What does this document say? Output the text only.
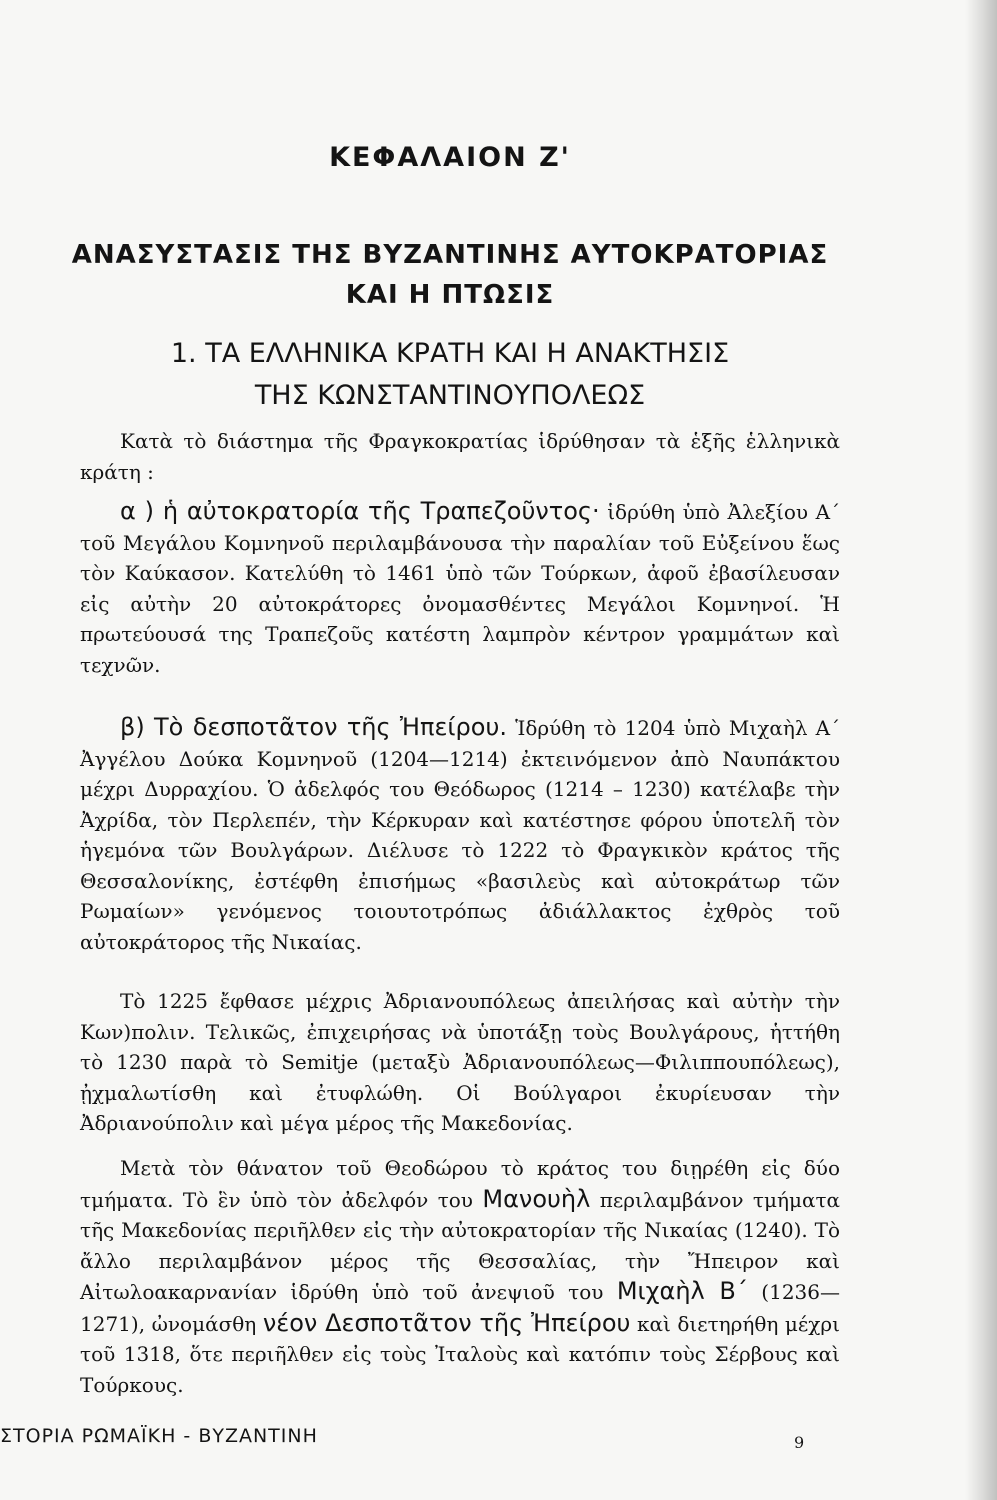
ΚΕΦΑΛΑΙΟΝ Ζ'
ΑΝΑΣΥΣΤΑΣΙΣ ΤΗΣ ΒΥΖΑΝΤΙΝΗΣ ΑΥΤΟΚΡΑΤΟΡΙΑΣ
ΚΑΙ Η ΠΤΩΣΙΣ
1. ΤΑ ΕΛΛΗΝΙΚΑ ΚΡΑΤΗ ΚΑΙ Η ΑΝΑΚΤΗΣΙΣ
ΤΗΣ ΚΩΝΣΤΑΝΤΙΝΟΥΠΟΛΕΩΣ

Κατὰ τὸ διάστημα τῆς Φραγκοκρατίας ἱδρύθησαν τὰ ἑξῆς ἑλληνικὰ κράτη :

α ) ἡ αὐτοκρατορία τῆς Τραπεζοῦντος· ἱδρύθη ὑπὸ Ἀλεξίου Α΄ τοῦ Μεγάλου Κομνηνοῦ περιλαμβάνουσα τὴν παραλίαν τοῦ Εὐξείνου ἕως τὸν Καύκασον. Κατελύθη τὸ 1461 ὑπὸ τῶν Τούρκων, ἀφοῦ ἐβασίλευσαν εἰς αὐτὴν 20 αὐτοκράτορες ὀνομασθέντες Μεγάλοι Κομνηνοί. Ἡ πρωτεύουσά της Τραπεζοῦς κατέστη λαμπρὸν κέντρον γραμμάτων καὶ τεχνῶν.

β) Τὸ δεσποτᾶτον τῆς Ἠπείρου. Ἱδρύθη τὸ 1204 ὑπὸ Μιχαὴλ Α΄ Ἀγγέλου Δούκα Κομνηνοῦ (1204—1214) ἐκτεινόμενον ἀπὸ Ναυπάκτου μέχρι Δυρραχίου. Ὁ ἀδελφός του Θεόδωρος (1214 – 1230) κατέλαβε τὴν Ἀχρίδα, τὸν Περλεπέν, τὴν Κέρκυραν καὶ κατέστησε φόρου ὑποτελῆ τὸν ἡγεμόνα τῶν Βουλγάρων. Διέλυσε τὸ 1222 τὸ Φραγκικὸν κράτος τῆς Θεσσαλονίκης, ἐστέφθη ἐπισήμως «βασιλεὺς καὶ αὐτοκράτωρ τῶν Ρωμαίων» γενόμενος τοιουτοτρόπως ἀδιάλλακτος ἐχθρὸς τοῦ αὐτοκράτορος τῆς Νικαίας.

Τὸ 1225 ἔφθασε μέχρις Ἀδριανουπόλεως ἀπειλήσας καὶ αὐτὴν τὴν Κων)πολιν. Τελικῶς, ἐπιχειρήσας νὰ ὑποτάξῃ τοὺς Βουλγάρους, ἡττήθη τὸ 1230 παρὰ τὸ Semitje (μεταξὺ Ἀδριανουπόλεως—Φιλιππουπόλεως), ᾐχμαλωτίσθη καὶ ἐτυφλώθη. Οἱ Βούλγαροι ἐκυρίευσαν τὴν Ἀδριανούπολιν καὶ μέγα μέρος τῆς Μακεδονίας.

Μετὰ τὸν θάνατον τοῦ Θεοδώρου τὸ κράτος του διῃρέθη εἰς δύο τμήματα. Τὸ ἓν ὑπὸ τὸν ἀδελφόν του Μανουὴλ περιλαμβάνον τμήματα τῆς Μακεδονίας περιῆλθεν εἰς τὴν αὐτοκρατορίαν τῆς Νικαίας (1240). Τὸ ἄλλο περιλαμβάνον μέρος τῆς Θεσσαλίας, τὴν Ἤπειρον καὶ Αἰτωλοακαρνανίαν ἱδρύθη ὑπὸ τοῦ ἀνεψιοῦ του Μιχαὴλ Β΄ (1236—1271), ὠνομάσθη νέον Δεσποτᾶτον τῆς Ἠπείρου καὶ διετηρήθη μέχρι τοῦ 1318, ὅτε περιῆλθεν εἰς τοὺς Ἰταλοὺς καὶ κατόπιν τοὺς Σέρβους καὶ Τούρκους.

ΣΤΟΡΙΑ ΡΩΜΑΪΚΗ - ΒΥΖΑΝΤΙΝΗ	9
